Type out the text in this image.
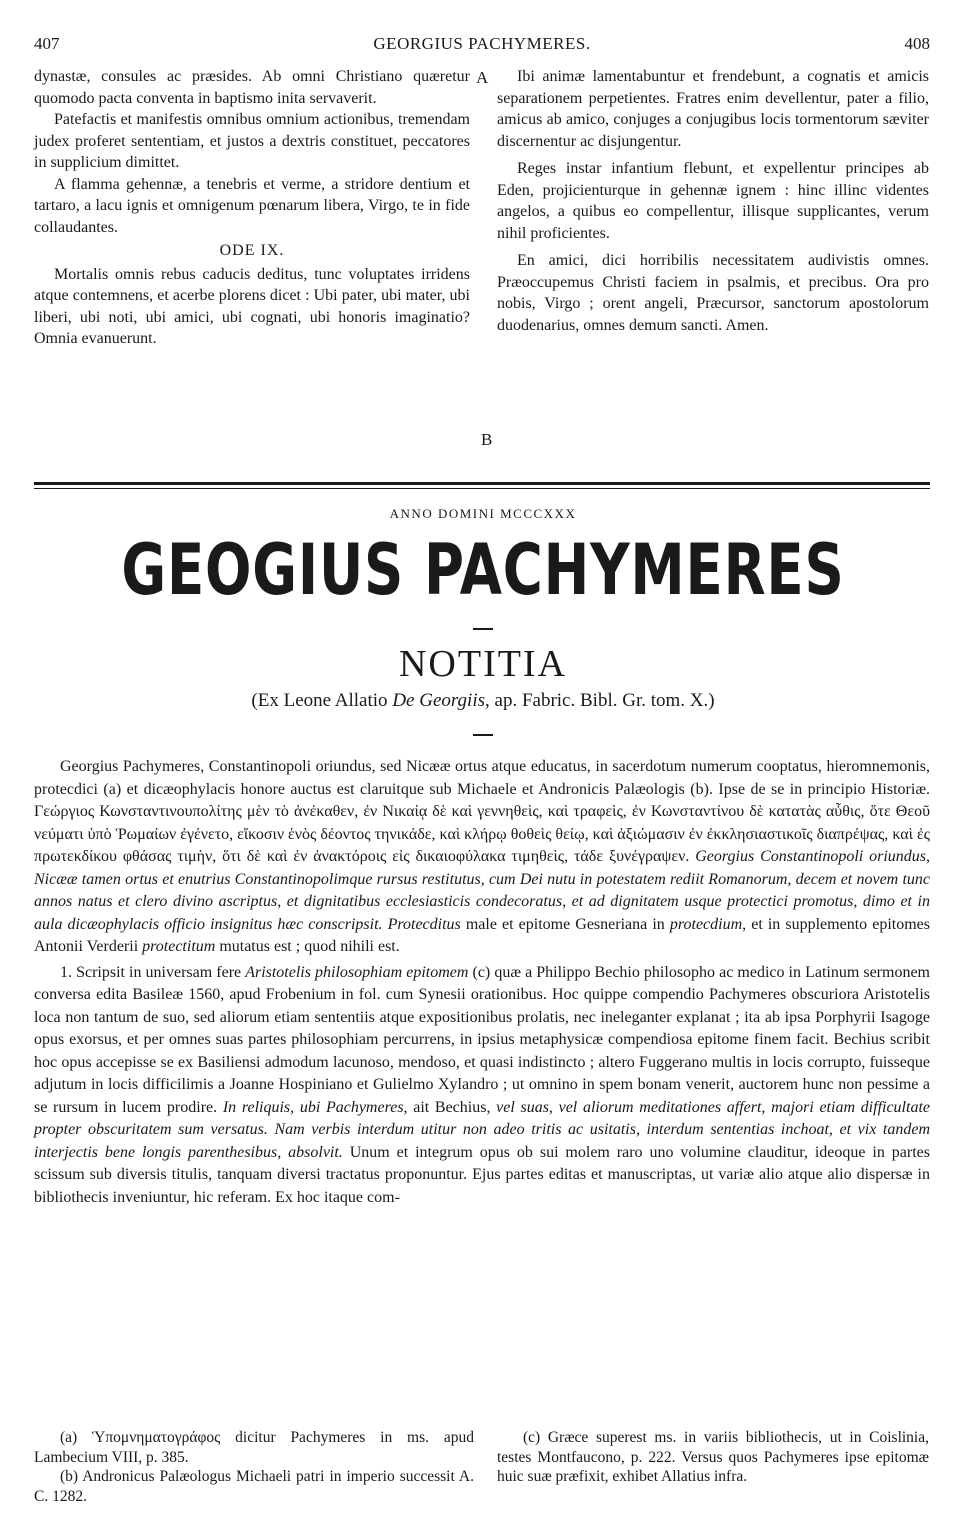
407	GEORGIUS PACHYMERES.	408

dynastæ, consules ac præsides. Ab omni Christiano quæretur quomodo pacta conventa in baptismo inita servaverit.

Patefactis et manifestis omnibus omnium actionibus, tremendam judex proferet sententiam, et justos a dextris constituet, peccatores in supplicium dimittet.

A flamma gehennæ, a tenebris et verme, a stridore dentium et tartaro, a lacu ignis et omnigenum pœnarum libera, Virgo, te in fide collaudantes.

ODE IX.

Mortalis omnis rebus caducis deditus, tunc voluptates irridens atque contemnens, et acerbe plorens dicet : Ubi pater, ubi mater, ubi liberi, ubi noti, ubi amici, ubi cognati, ubi honoris imaginatio? Omnia evanuerunt.

A
B

Ibi animæ lamentabuntur et frendebunt, a cognatis et amicis separationem perpetientes. Fratres enim devellentur, pater a filio, amicus ab amico, conjuges a conjugibus locis tormentorum sæviter discernentur ac disjungentur.

Reges instar infantium flebunt, et expellentur principes ab Eden, projicienturque in gehennæ ignem : hinc illinc videntes angelos, a quibus eo compellentur, illisque supplicantes, verum nihil proficientes.

En amici, dici horribilis necessitatem audivistis omnes. Præoccupemus Christi faciem in psalmis, et precibus. Ora pro nobis, Virgo ; orent angeli, Præcursor, sanctorum apostolorum duodenarius, omnes demum sancti. Amen.

ANNO DOMINI MCCCXXX
GEOGIUS PACHYMERES
NOTITIA
(Ex Leone Allatio De Georgiis, ap. Fabric. Bibl. Gr. tom. X.)

Georgius Pachymeres, Constantinopoli oriundus, sed Nicææ ortus atque educatus, in sacerdotum numerum cooptatus, hieromnemonis, protecdici (a) et dicæophylacis honore auctus est claruitque sub Michaele et Andronicis Palæologis (b). Ipse de se in principio Historiæ. Γεώργιος Κωνσταντινουπολίτης μὲν τὸ ἀνέκαθεν, ἐν Νικαίᾳ δὲ καὶ γεννηθεὶς, καὶ τραφεὶς, ἐν Κωνσταντίνου δὲ κατατὰς αὖθις, ὅτε Θεοῦ νεύματι ὑπὸ Ῥωμαίων ἐγένετο, εἴκοσιν ἑνὸς δέοντος τηνικάδε, καὶ κλήρῳ θοθεὶς θείῳ, καὶ ἀξιώμασιν ἐν ἐκκλησιαστικοῖς διαπρέψας, καὶ ἐς πρωτεκδίκου φθάσας τιμὴν, ὅτι δὲ καὶ ἐν ἀνακτόροις εἰς δικαιοφύλακα τιμηθεὶς, τάδε ξυνέγραψεν. Georgius Constantinopoli oriundus, Nicææ tamen ortus et enutrius Constantinopolimque rursus restitutus, cum Dei nutu in potestatem rediit Romanorum, decem et novem tunc annos natus et clero divino ascriptus, et dignitatibus ecclesiasticis condecoratus, et ad dignitatem usque protectici promotus, dimo et in aula dicæophylacis officio insignitus hæc conscripsit. Protecditus male et epitome Gesneriana in protecdium, et in supplemento epitomes Antonii Verderii protectitum mutatus est ; quod nihili est.

1. Scripsit in universam fere Aristotelis philosophiam epitomem (c) quæ a Philippo Bechio philosopho ac medico in Latinum sermonem conversa edita Basileæ 1560, apud Frobenium in fol. cum Synesii orationibus. Hoc quippe compendio Pachymeres obscuriora Aristotelis loca non tantum de suo, sed aliorum etiam sententiis atque expositionibus prolatis, nec ineleganter explanat ; ita ab ipsa Porphyrii Isagoge opus exorsus, et per omnes suas partes philosophiam percurrens, in ipsius metaphysicæ compendiosa epitome finem facit. Bechius scribit hoc opus accepisse se ex Basiliensi admodum lacunoso, mendoso, et quasi indistincto ; altero Fuggerano multis in locis corrupto, fuisseque adjutum in locis difficilimis a Joanne Hospiniano et Gulielmo Xylandro ; ut omnino in spem bonam venerit, auctorem hunc non pessime a se rursum in lucem prodire. In reliquis, ubi Pachymeres, ait Bechius, vel suas, vel aliorum meditationes affert, majori etiam difficultate propter obscuritatem sum versatus. Nam verbis interdum utitur non adeo tritis ac usitatis, interdum sententias inchoat, et vix tandem interjectis bene longis parenthesibus, absolvit. Unum et integrum opus ob sui molem raro uno volumine clauditur, ideoque in partes scissum sub diversis titulis, tanquam diversi tractatus proponuntur. Ejus partes editas et manuscriptas, ut variæ alio atque alio dispersæ in bibliothecis inveniuntur, hic referam. Ex hoc itaque com-

(a) Ὑπομνηματογράφος dicitur Pachymeres in ms. apud Lambecium VIII, p. 385.
(b) Andronicus Palæologus Michaeli patri in imperio successit A. C. 1282.
(c) Græce superest ms. in variis bibliothecis, ut in Coislinia, testes Montfaucono, p. 222. Versus quos Pachymeres ipse epitomæ huic suæ præfixit, exhibet Allatius infra.
